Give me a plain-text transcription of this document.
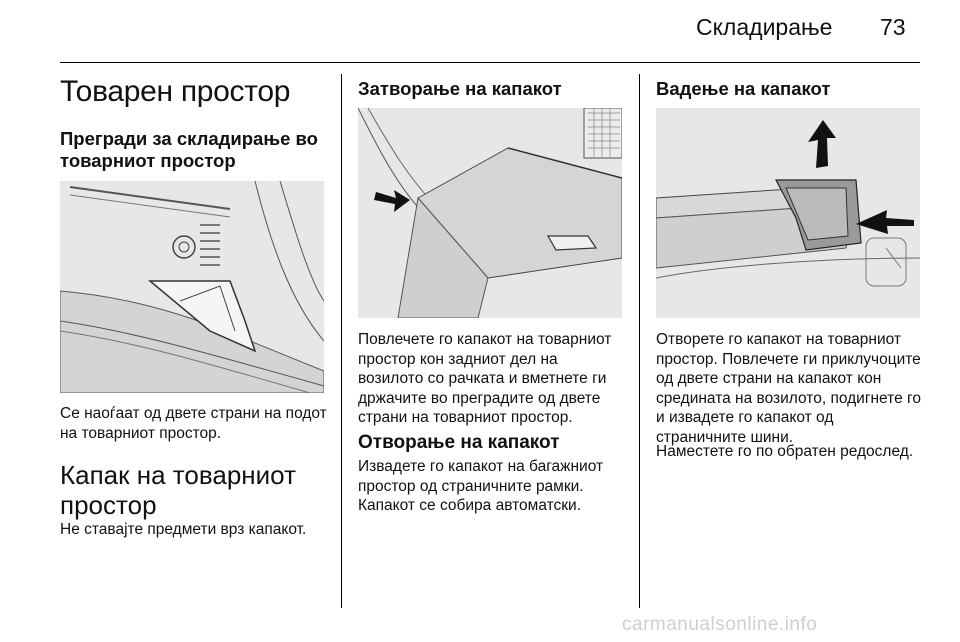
Складирање 73
Товарен простор
Прегради за складирање во товарниот простор

Се наоѓаат од двете страни на подот на товарниот простор.

Капак на товарниот простор

Не ставајте предмети врз капакот.

Затворање на капакот

Повлечете го капакот на товарниот простор кон задниот дел на возилото со рачката и вметнете ги држачите во преградите од двете страни на товарниот простор.

Отворање на капакот

Извадете го капакот на багажниот простор од страничните рамки. Капакот се собира автоматски.

Вадење на капакот

Отворете го капакот на товарниот простор. Повлечете ги приклучоците од двете страни на капакот кон средината на возилото, подигнете го и извадете го капакот од страничните шини.

Наместете го по обратен редослед.

carmanualsonline.info
